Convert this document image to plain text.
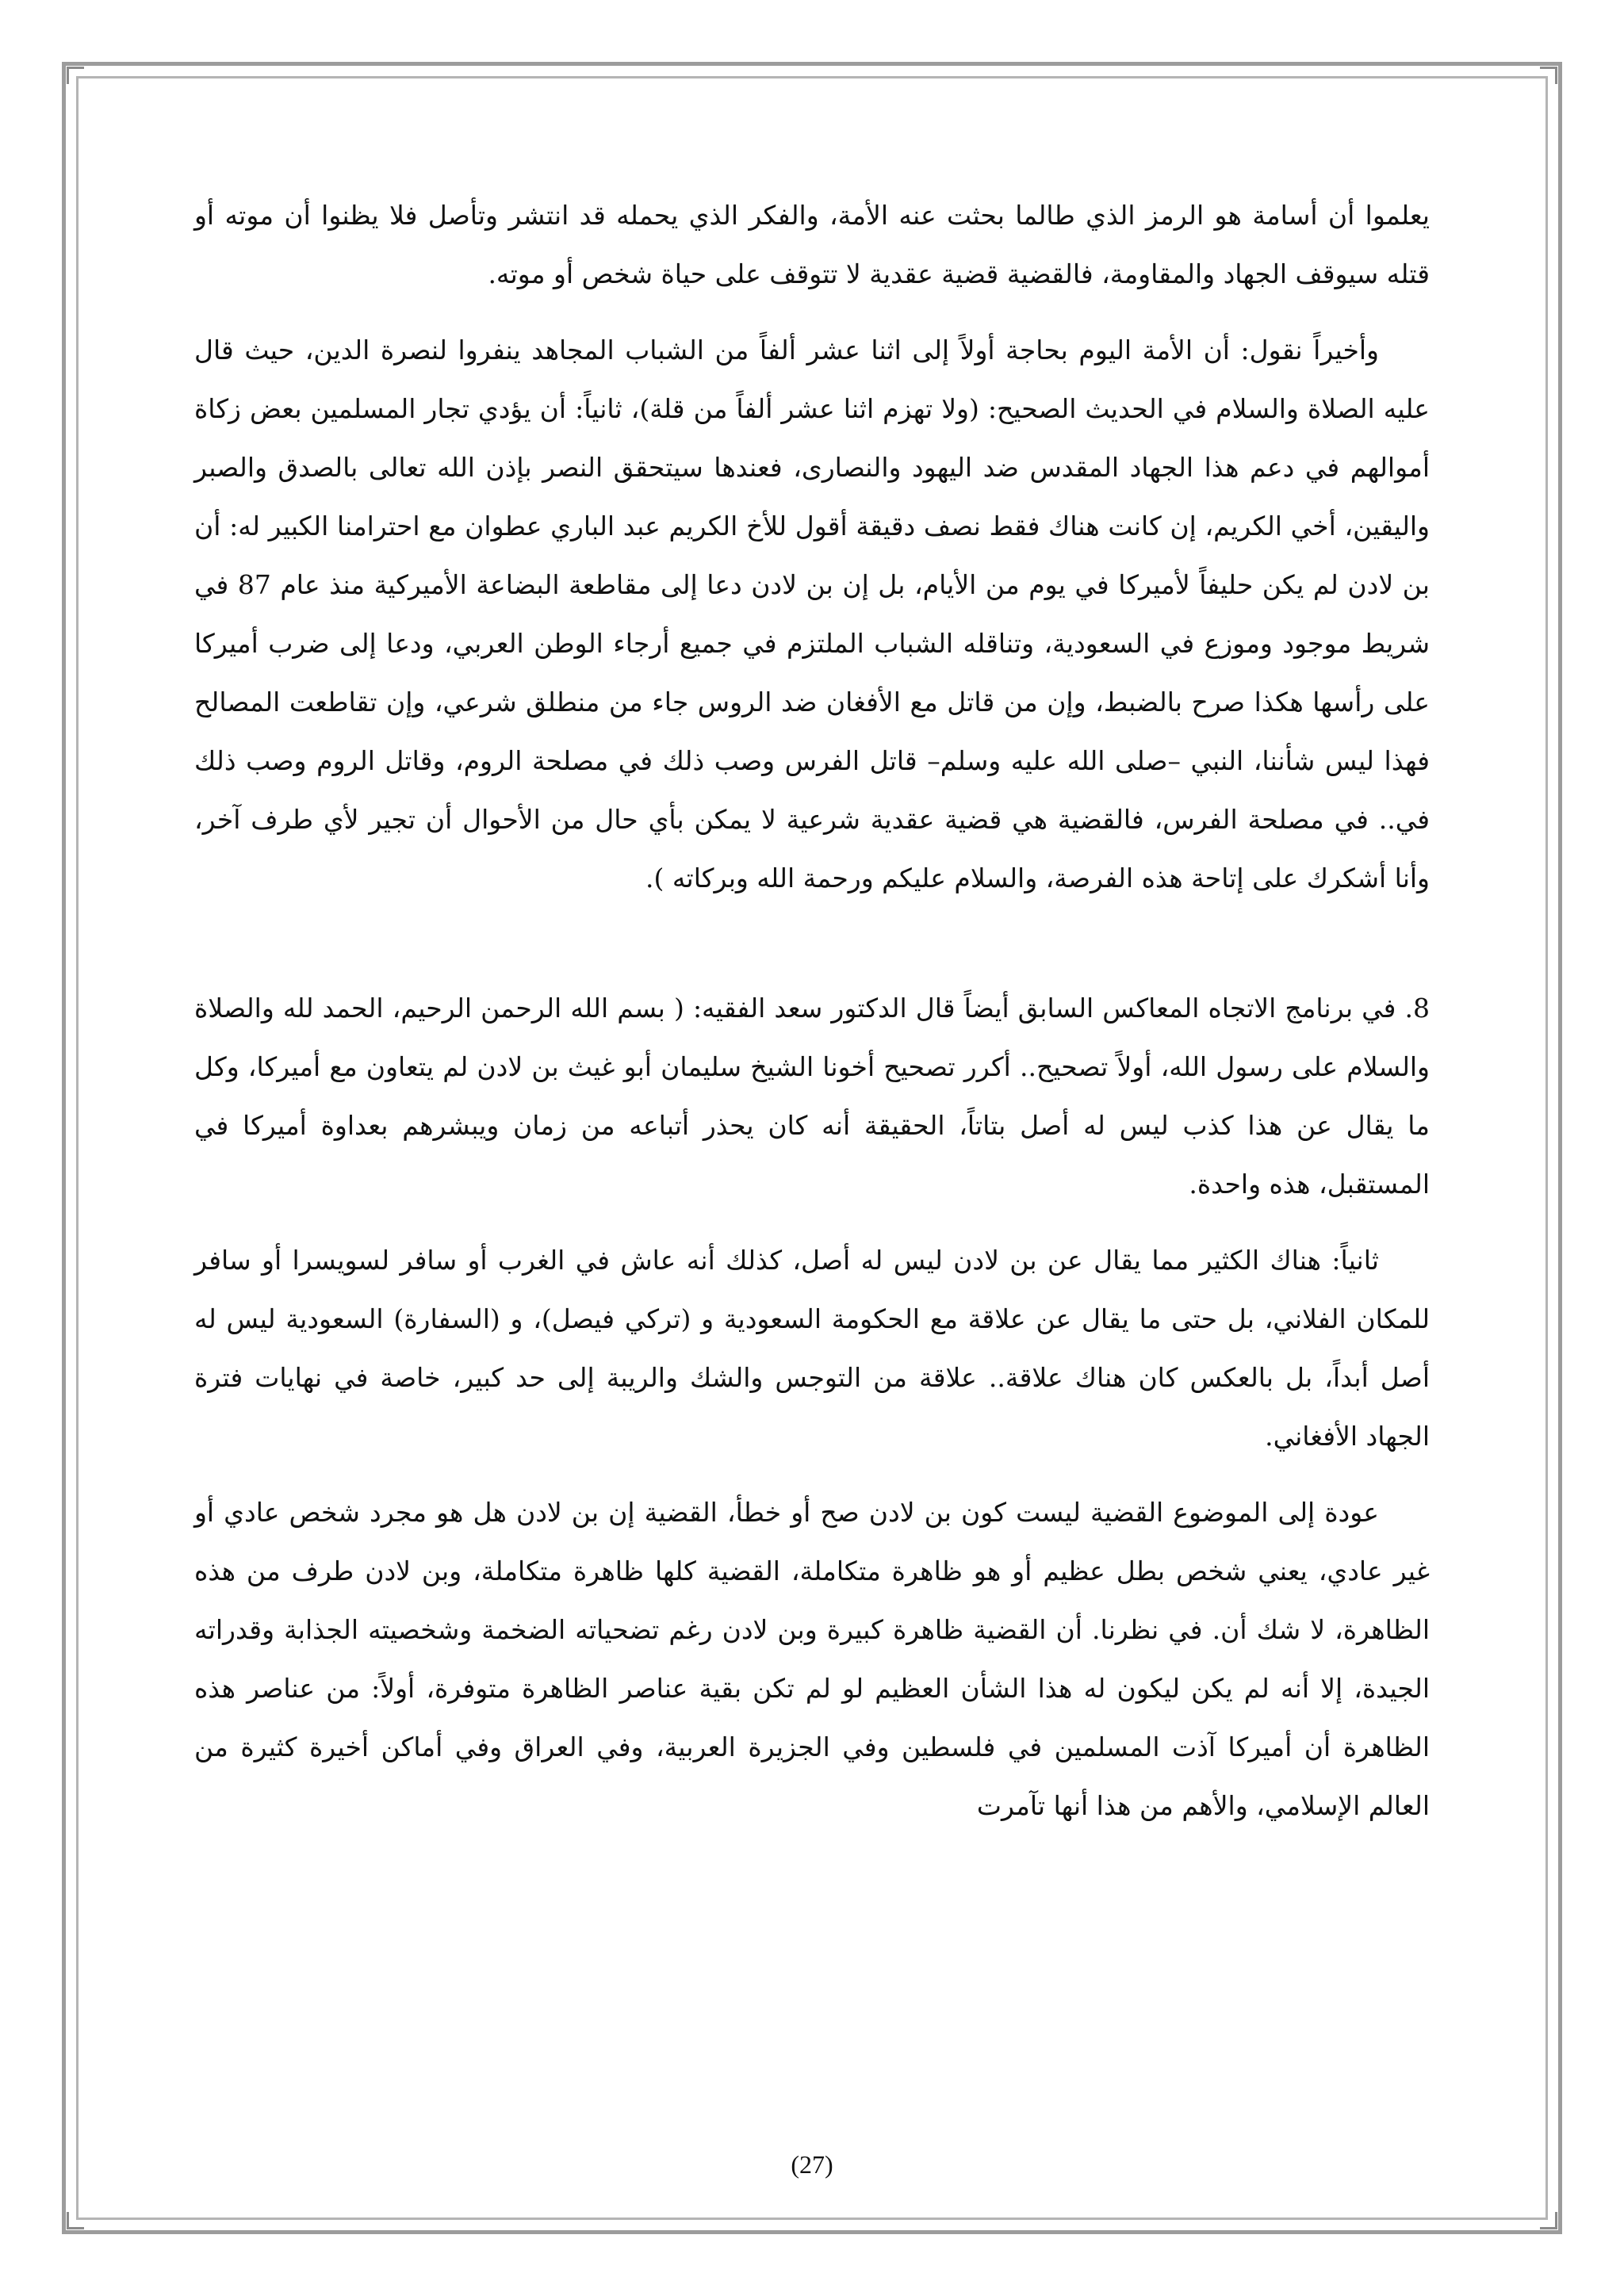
يعلموا أن أسامة هو الرمز الذي طالما بحثت عنه الأمة، والفكر الذي يحمله قد انتشر وتأصل فلا يظنوا أن موته أو قتله سيوقف الجهاد والمقاومة، فالقضية قضية عقدية لا تتوقف على حياة شخص أو موته.

وأخيراً نقول: أن الأمة اليوم بحاجة أولاً إلى اثنا عشر ألفاً من الشباب المجاهد ينفروا لنصرة الدين، حيث قال عليه الصلاة والسلام في الحديث الصحيح: (ولا تهزم اثنا عشر ألفاً من قلة)، ثانياً: أن يؤدي تجار المسلمين بعض زكاة أموالهم في دعم هذا الجهاد المقدس ضد اليهود والنصارى، فعندها سيتحقق النصر بإذن الله تعالى بالصدق والصبر واليقين، أخي الكريم، إن كانت هناك فقط نصف دقيقة أقول للأخ الكريم عبد الباري عطوان مع احترامنا الكبير له: أن بن لادن لم يكن حليفاً لأميركا في يوم من الأيام، بل إن بن لادن دعا إلى مقاطعة البضاعة الأميركية منذ عام 87 في شريط موجود وموزع في السعودية، وتناقله الشباب الملتزم في جميع أرجاء الوطن العربي، ودعا إلى ضرب أميركا على رأسها هكذا صرح بالضبط، وإن من قاتل مع الأفغان ضد الروس جاء من منطلق شرعي، وإن تقاطعت المصالح فهذا ليس شأننا، النبي –صلى الله عليه وسلم– قاتل الفرس وصب ذلك في مصلحة الروم، وقاتل الروم وصب ذلك في.. في مصلحة الفرس، فالقضية هي قضية عقدية شرعية لا يمكن بأي حال من الأحوال أن تجير لأي طرف آخر، وأنا أشكرك على إتاحة هذه الفرصة، والسلام عليكم ورحمة الله وبركاته ).

8. في برنامج الاتجاه المعاكس السابق أيضاً قال الدكتور سعد الفقيه: ( بسم الله الرحمن الرحيم، الحمد لله والصلاة والسلام على رسول الله، أولاً تصحيح.. أكرر تصحيح أخونا الشيخ سليمان أبو غيث بن لادن لم يتعاون مع أميركا، وكل ما يقال عن هذا كذب ليس له أصل بتاتاً، الحقيقة أنه كان يحذر أتباعه من زمان ويبشرهم بعداوة أميركا في المستقبل، هذه واحدة.

ثانياً: هناك الكثير مما يقال عن بن لادن ليس له أصل، كذلك أنه عاش في الغرب أو سافر لسويسرا أو سافر للمكان الفلاني، بل حتى ما يقال عن علاقة مع الحكومة السعودية و (تركي فيصل)، و (السفارة) السعودية ليس له أصل أبداً، بل بالعكس كان هناك علاقة.. علاقة من التوجس والشك والريبة إلى حد كبير، خاصة في نهايات فترة الجهاد الأفغاني.

عودة إلى الموضوع القضية ليست كون بن لادن صح أو خطأ، القضية إن بن لادن هل هو مجرد شخص عادي أو غير عادي، يعني شخص بطل عظيم أو هو ظاهرة متكاملة، القضية كلها ظاهرة متكاملة، وبن لادن طرف من هذه الظاهرة، لا شك أن. في نظرنا. أن القضية ظاهرة كبيرة وبن لادن رغم تضحياته الضخمة وشخصيته الجذابة وقدراته الجيدة، إلا أنه لم يكن ليكون له هذا الشأن العظيم لو لم تكن بقية عناصر الظاهرة متوفرة، أولاً: من عناصر هذه الظاهرة أن أميركا آذت المسلمين في فلسطين وفي الجزيرة العربية، وفي العراق وفي أماكن أخيرة كثيرة من العالم الإسلامي، والأهم من هذا أنها تآمرت

(27)
